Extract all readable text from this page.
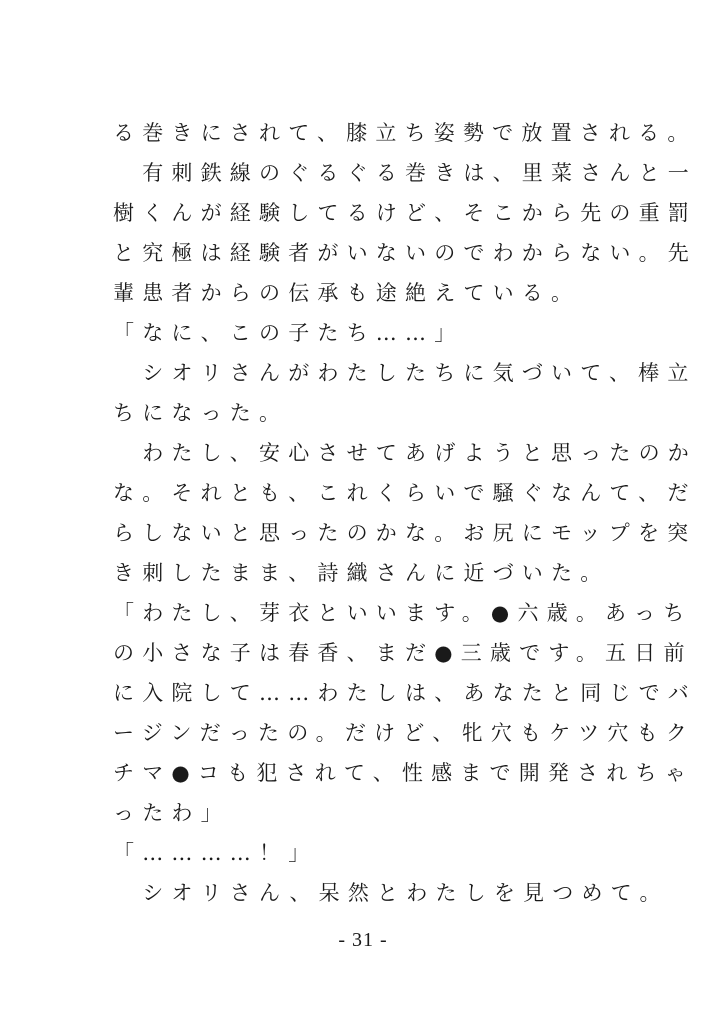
る巻きにされて、膝立ち姿勢で放置される。
　有刺鉄線のぐるぐる巻きは、里菜さんと一
樹くんが経験してるけど、そこから先の重罰
と究極は経験者がいないのでわからない。先
輩患者からの伝承も途絶えている。
「なに、この子たち……」
　シオリさんがわたしたちに気づいて、棒立
ちになった。
　わたし、安心させてあげようと思ったのか
な。それとも、これくらいで騒ぐなんて、だ
らしないと思ったのかな。お尻にモップを突
き刺したまま、詩織さんに近づいた。
「わたし、芽衣といいます。●六歳。あっち
の小さな子は春香、まだ●三歳です。五日前
に入院して……わたしは、あなたと同じでバ
ージンだったの。だけど、牝穴もケツ穴もク
チマ●コも犯されて、性感まで開発されちゃ
ったわ」
「…………！」
　シオリさん、呆然とわたしを見つめて。
- 31 -
